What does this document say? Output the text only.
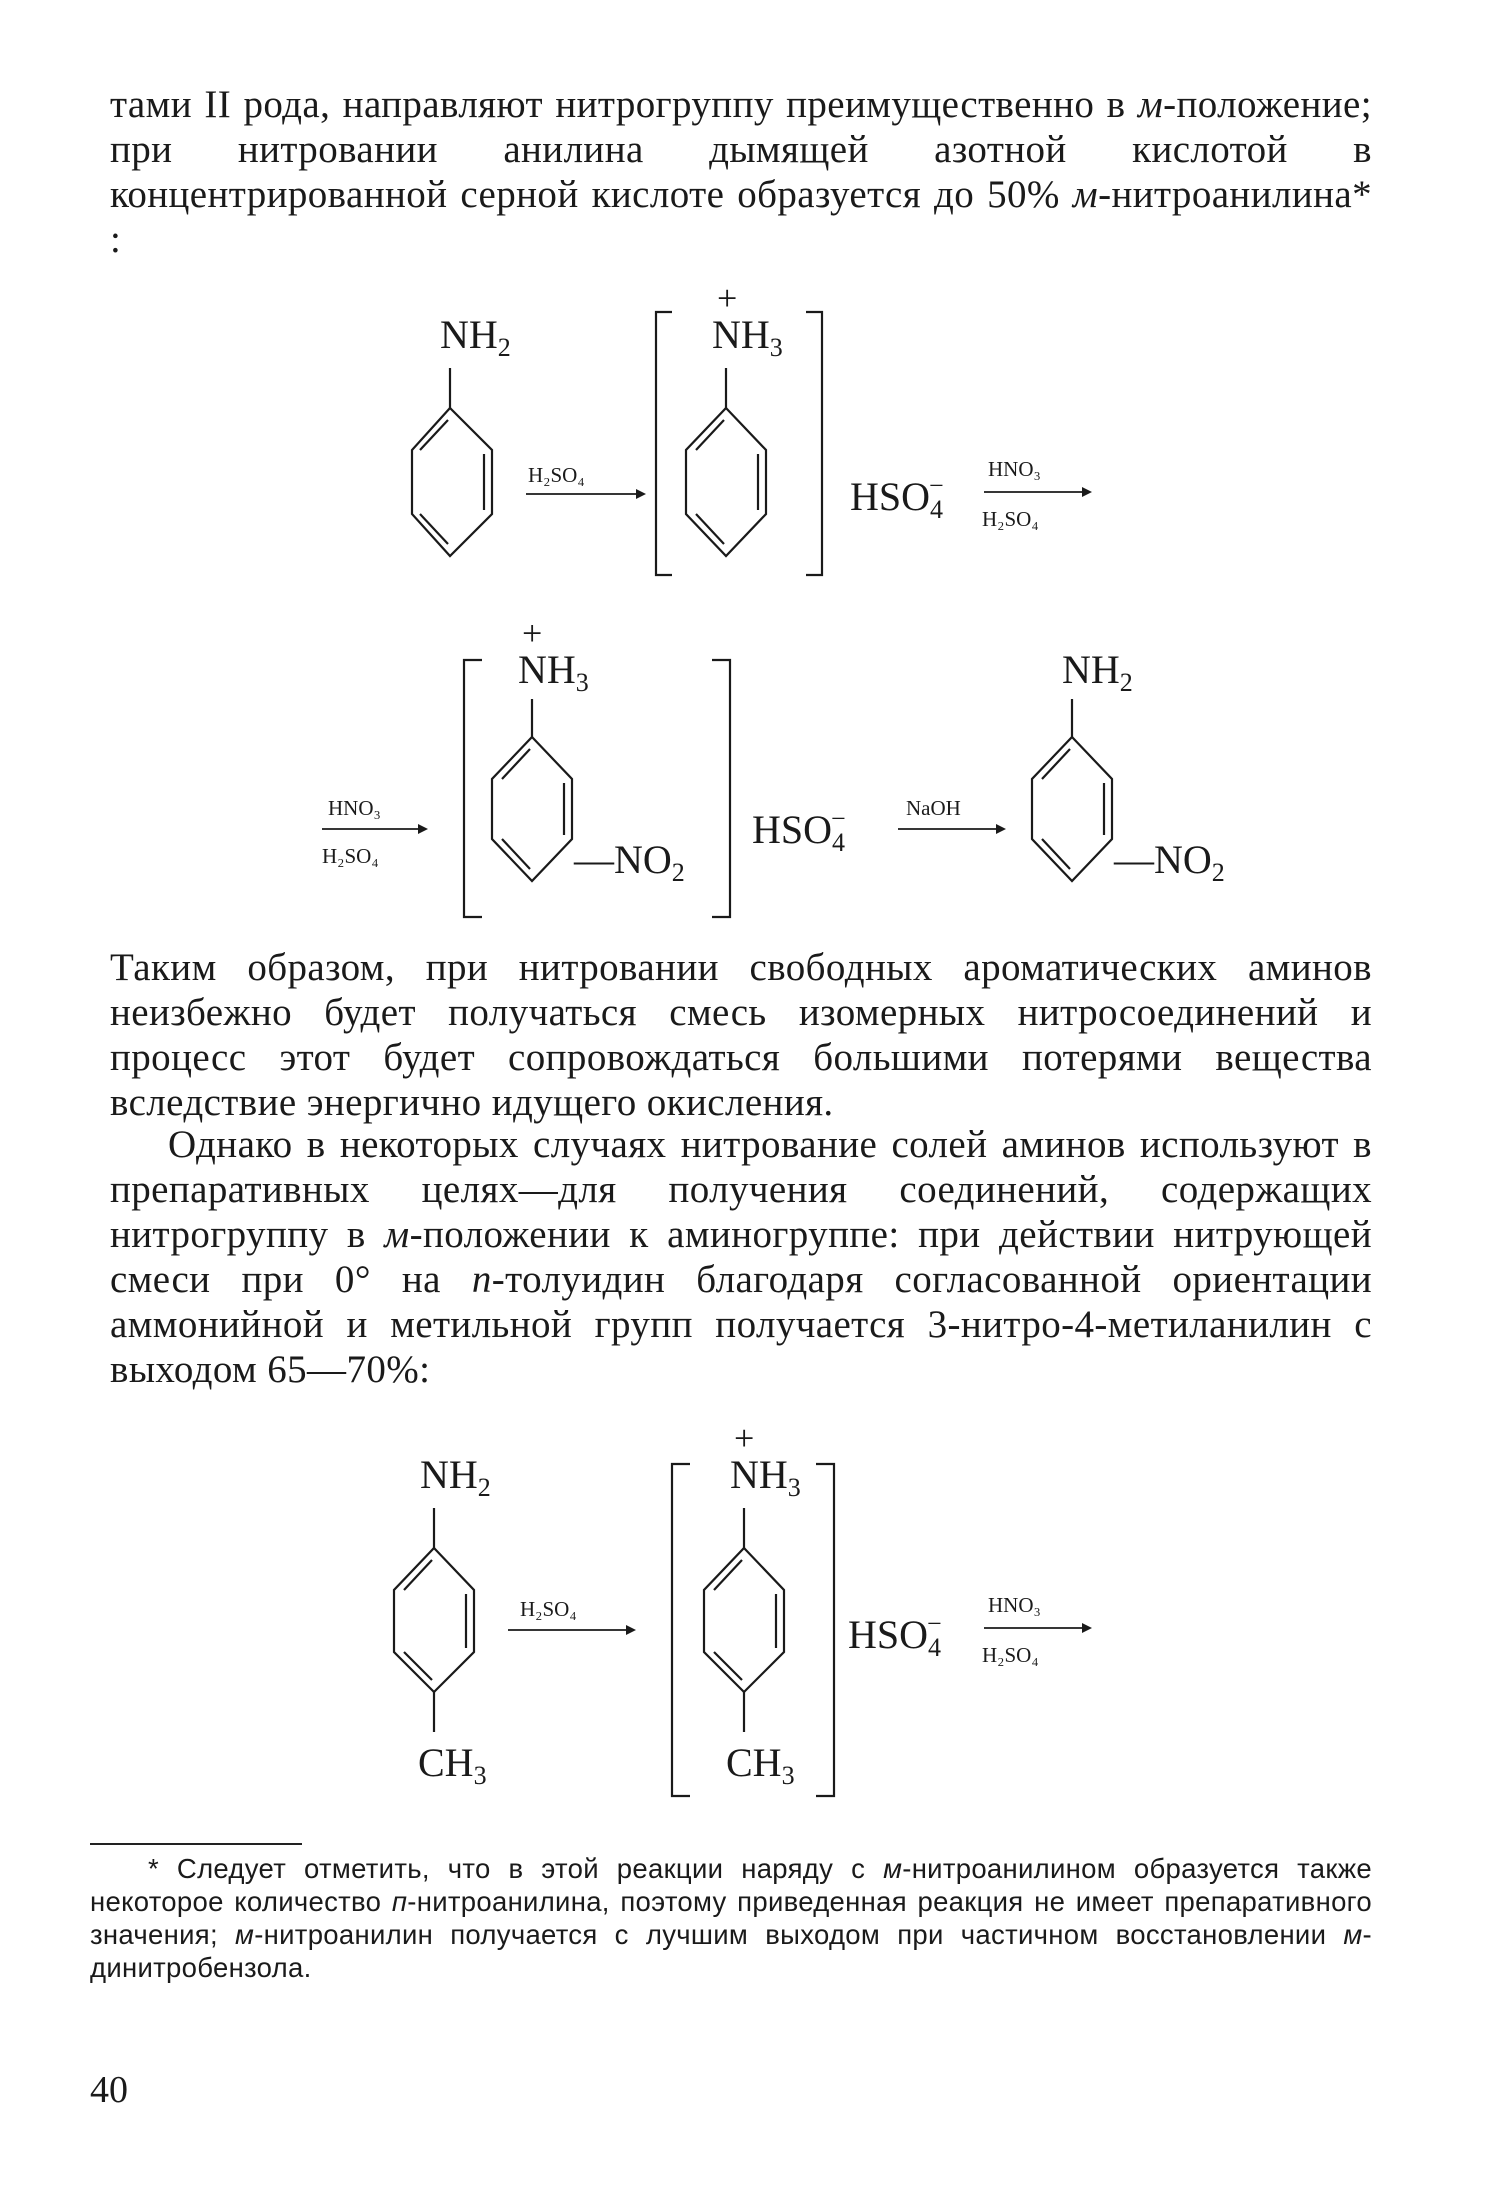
тами II рода, направляют нитрогруппу преимущественно в м-положение; при нитровании анилина дымящей азотной кислотой в концентрированной серной кислоте образуется до 50% м-нитроанилина* :

$NH_2$
H₂SO₄
+
$NH_3$
$HSO_4-$
HNO₃
H₂SO₄
HNO₃
H₂SO₄
+
$NH_3$
$—NO_2$
$HSO_4-$	NaOH
$NH_2$
$—NO_2$

Таким образом, при нитровании свободных ароматических аминов неизбежно будет получаться смесь изомерных нитросоединений и процесс этот будет сопровождаться большими потерями вещества вследствие энергично идущего окисления.

Однако в некоторых случаях нитрование солей аминов используют в препаративных целях—для получения соединений, содержащих нитрогруппу в м-положении к аминогруппе: при действии нитрующей смеси при 0° на п-толуидин благодаря согласованной ориентации аммонийной и метильной групп получается 3-нитро-4-метиланилин с выходом 65—70%:

$NH_2$
$CH_3$
H₂SO₄
+
$NH_3$
$CH_3$
$HSO_4-$
HNO₃
H₂SO₄
* Следует отметить, что в этой реакции наряду с м-нитроанилином образуется также некоторое количество п-нитроанилина, поэтому приведенная реакция не имеет препаративного значения; м-нитроанилин получается с лучшим выходом при частичном восстановлении м-динитробензола.
40
